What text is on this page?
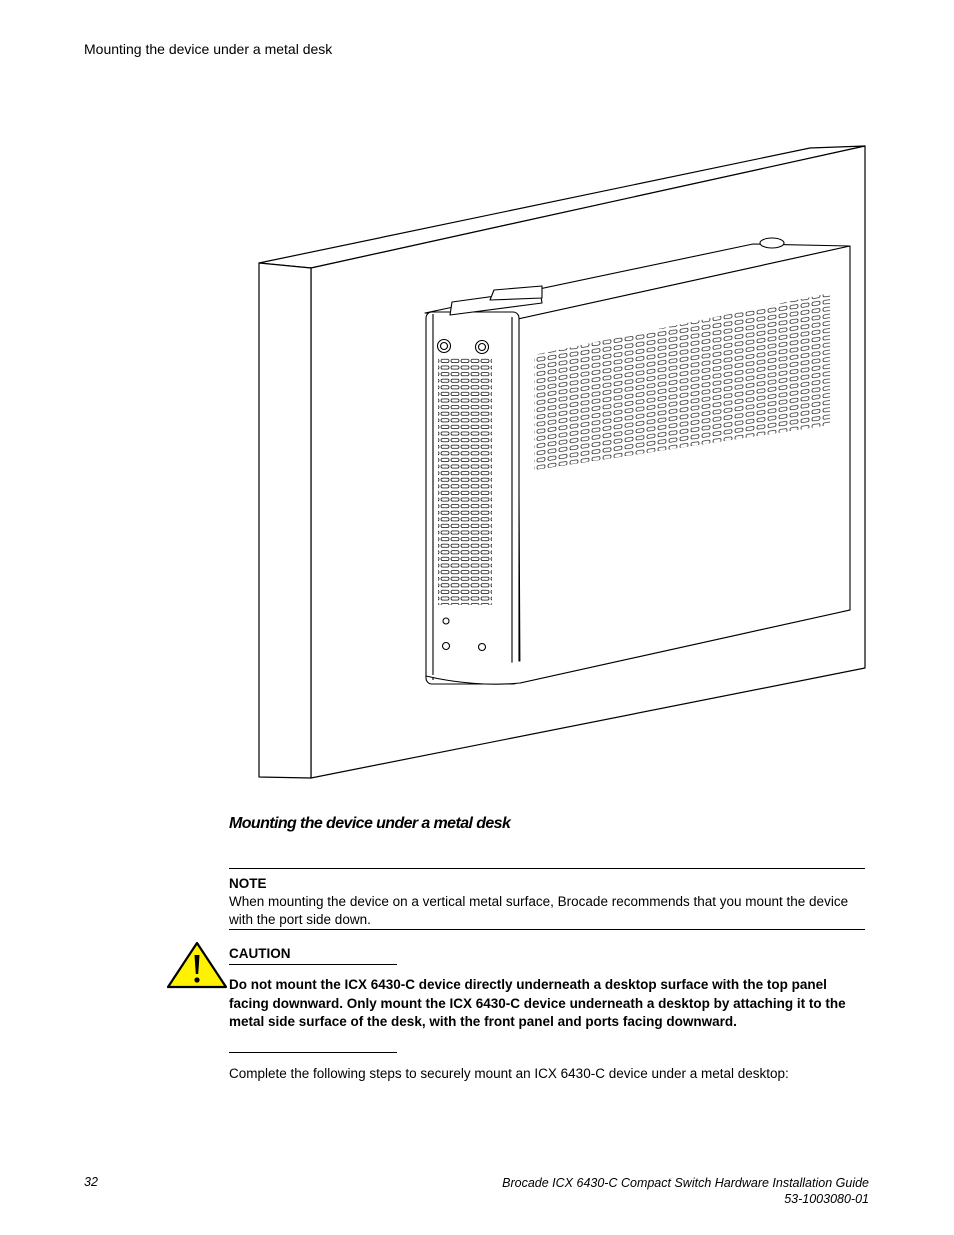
Mounting the device under a metal desk
Mounting the device under a metal desk
NOTE
When mounting the device on a vertical metal surface, Brocade recommends that you mount the device with the port side down.
CAUTION
Do not mount the ICX 6430-C device directly underneath a desktop surface with the top panel facing downward. Only mount the ICX 6430-C device underneath a desktop by attaching it to the metal side surface of the desk, with the front panel and ports facing downward.
Complete the following steps to securely mount an ICX 6430-C device under a metal desktop:
32	Brocade ICX 6430-C Compact Switch Hardware Installation Guide
53-1003080-01
